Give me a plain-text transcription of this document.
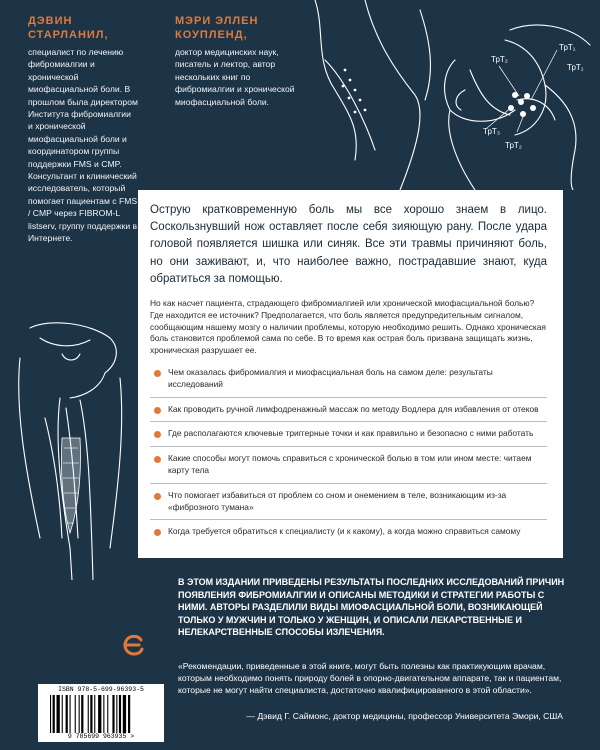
ДЭВИН СТАРЛАНИЛ,

специалист по лечению фибромиалгии и хронической миофасциальной боли. В прошлом была директором Института фибромиалгии и хронической миофасциальной боли и координатором группы поддержки FMS и CMP. Консультант и клинический исследователь, который помогает пациентам с FMS / CMP через FIBROM-L listserv, группу поддержки в Интернете.

МЭРИ ЭЛЛЕН КОУПЛЕНД,

доктор медицинских наук, писатель и лектор, автор нескольких книг по фибромиалгии и хронической миофасциальной боли.

ТрТ₁
ТрТ₂
ТрТ₃
ТрТ₁
ТрТ₂

Острую кратковременную боль мы все хорошо знаем в лицо. Соскользнувший нож оставляет после себя зияющую рану. После удара головой появляется шишка или синяк. Все эти травмы причиняют боль, но они заживают, и, что наиболее важно, пострадавшие знают, куда обратиться за помощью.

Но как насчет пациента, страдающего фибромиалгией или хронической миофасциальной болью? Где находится ее источник? Предполагается, что боль является предупредительным сигналом, сообщающим нашему мозгу о наличии проблемы, которую необходимо решить. Однако хроническая боль становится проблемой сама по себе. В то время как острая боль призвана защищать жизнь, хроническая разрушает ее.

Чем оказалась фибромиалгия и миофасциальная боль на самом деле: результаты исследований
Как проводить ручной лимфодренажный массаж по методу Водлера для избавления от отеков
Где располагаются ключевые триггерные точки и как правильно и безопасно с ними работать
Какие способы могут помочь справиться с хронической болью в том или ином месте: читаем карту тела
Что помогает избавиться от проблем со сном и онемением в теле, возникающим из-за «фиброзного тумана»
Когда требуется обратиться к специалисту (и к какому), а когда можно справиться самому

В ЭТОМ ИЗДАНИИ ПРИВЕДЕНЫ РЕЗУЛЬТАТЫ ПОСЛЕДНИХ ИССЛЕДОВАНИЙ ПРИЧИН ПОЯВЛЕНИЯ ФИБРОМИАЛГИИ И ОПИСАНЫ МЕТОДИКИ И СТРАТЕГИИ РАБОТЫ С НИМИ. АВТОРЫ РАЗДЕЛИЛИ ВИДЫ МИОФАСЦИАЛЬНОЙ БОЛИ, ВОЗНИКАЮЩЕЙ ТОЛЬКО У МУЖЧИН И ТОЛЬКО У ЖЕНЩИН, И ОПИСАЛИ ЛЕКАРСТВЕННЫЕ И НЕЛЕКАРСТВЕННЫЕ СПОСОБЫ ИЗЛЕЧЕНИЯ.

«Рекомендации, приведенные в этой книге, могут быть полезны как практикующим врачам, которым необходимо понять природу болей в опорно-двигательном аппарате, так и пациентам, которые не могут найти специалиста, достаточно квалифицированного в этой области».

— Дэвид Г. Саймонс, доктор медицины, профессор Университета Эмори, США

ISBN 978-5-699-96393-5
9 785699 963935 >
